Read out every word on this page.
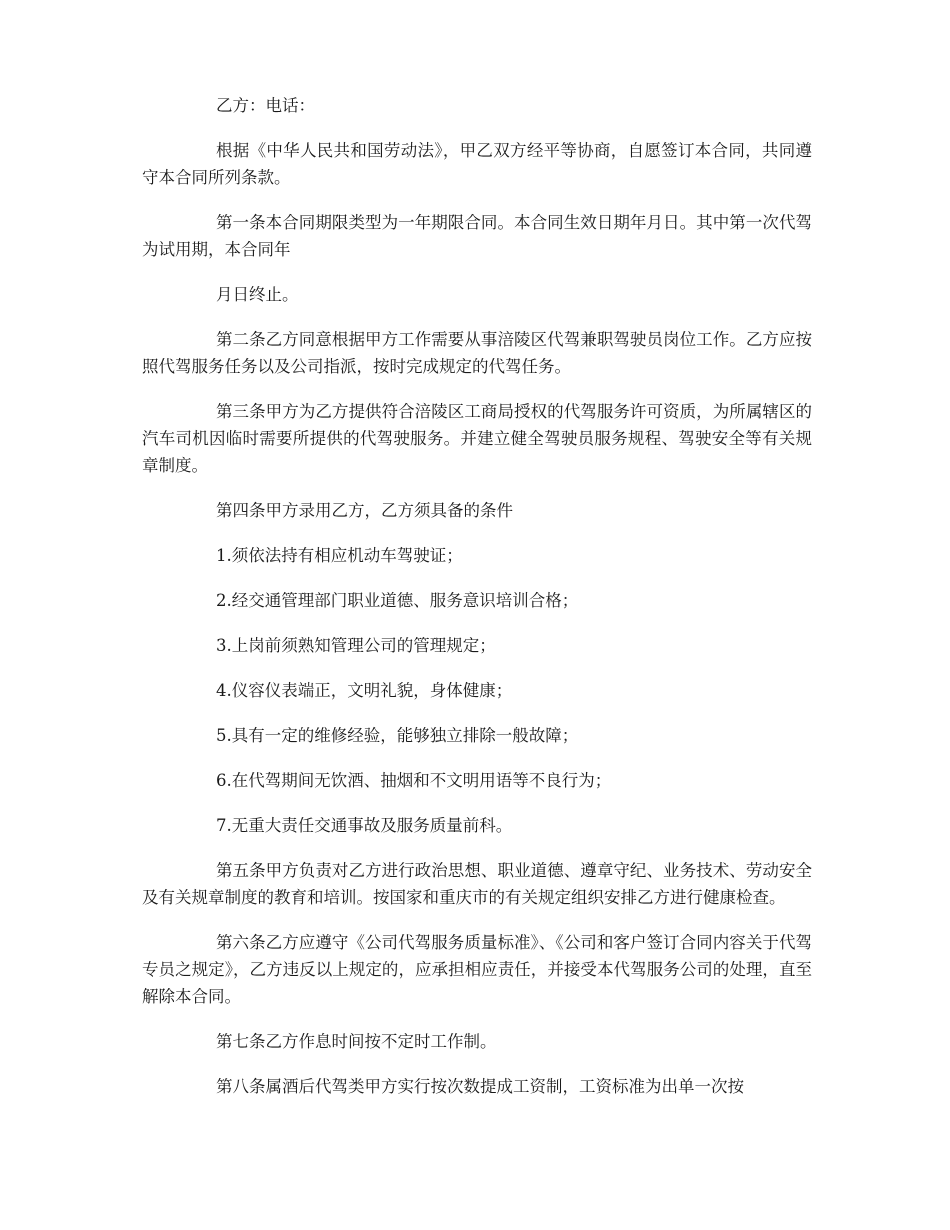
乙方：电话：

根据《中华人民共和国劳动法》，甲乙双方经平等协商，自愿签订本合同，共同遵守本合同所列条款。

第一条本合同期限类型为一年期限合同。本合同生效日期年月日。其中第一次代驾为试用期，本合同年

月日终止。

第二条乙方同意根据甲方工作需要从事涪陵区代驾兼职驾驶员岗位工作。乙方应按照代驾服务任务以及公司指派，按时完成规定的代驾任务。

第三条甲方为乙方提供符合涪陵区工商局授权的代驾服务许可资质，为所属辖区的汽车司机因临时需要所提供的代驾驶服务。并建立健全驾驶员服务规程、驾驶安全等有关规章制度。

第四条甲方录用乙方，乙方须具备的条件

1.须依法持有相应机动车驾驶证；

2.经交通管理部门职业道德、服务意识培训合格；

3.上岗前须熟知管理公司的管理规定；

4.仪容仪表端正，文明礼貌，身体健康；

5.具有一定的维修经验，能够独立排除一般故障；

6.在代驾期间无饮酒、抽烟和不文明用语等不良行为；

7.无重大责任交通事故及服务质量前科。

第五条甲方负责对乙方进行政治思想、职业道德、遵章守纪、业务技术、劳动安全及有关规章制度的教育和培训。按国家和重庆市的有关规定组织安排乙方进行健康检查。

第六条乙方应遵守《公司代驾服务质量标准》、《公司和客户签订合同内容关于代驾专员之规定》，乙方违反以上规定的，应承担相应责任，并接受本代驾服务公司的处理，直至解除本合同。

第七条乙方作息时间按不定时工作制。

第八条属酒后代驾类甲方实行按次数提成工资制，工资标准为出单一次按
